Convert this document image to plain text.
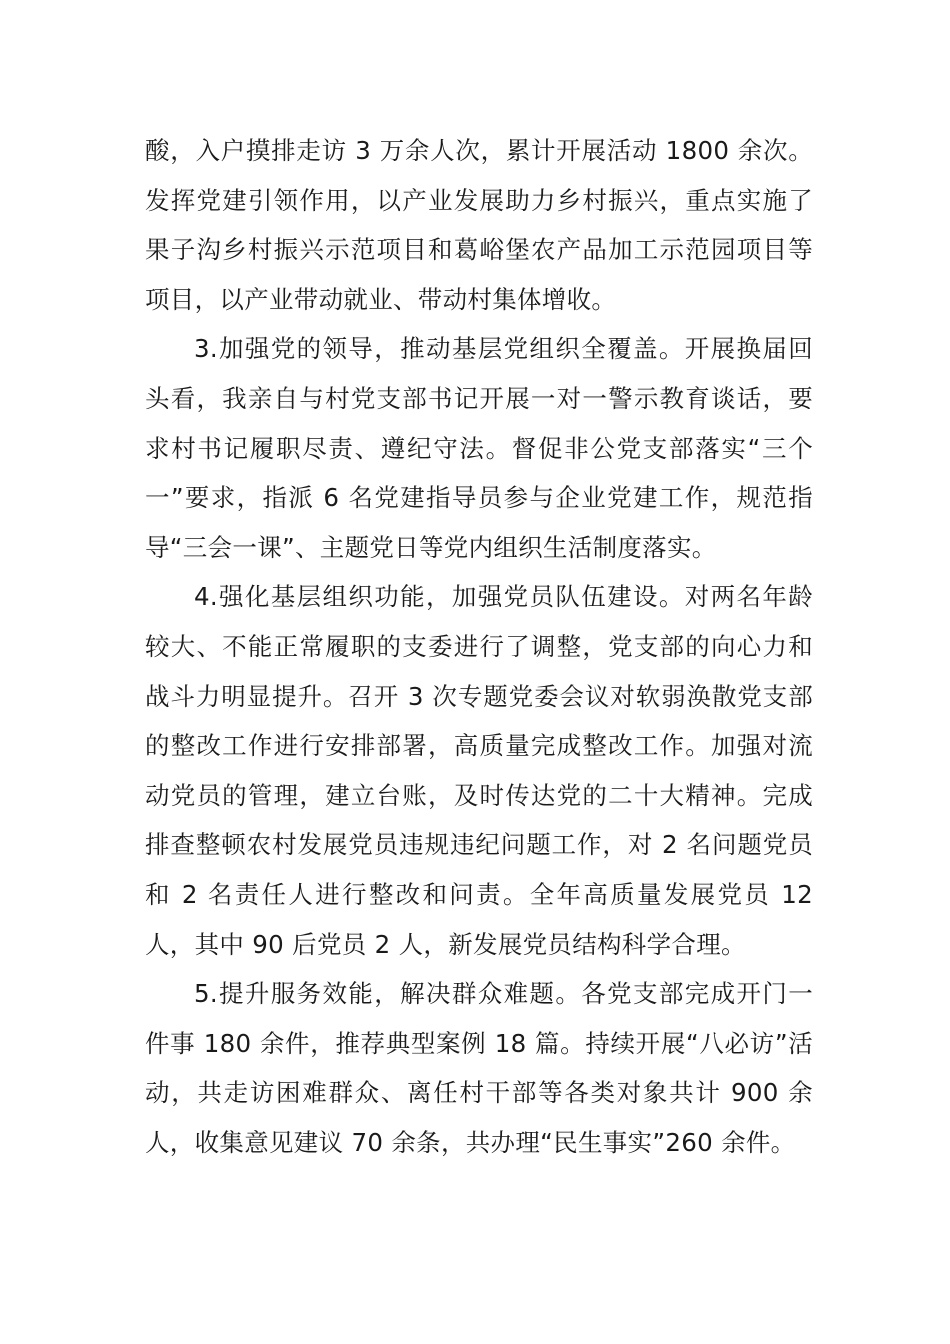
酸，入户摸排走访 3 万余人次，累计开展活动 1800 余次。发挥党建引领作用，以产业发展助力乡村振兴，重点实施了果子沟乡村振兴示范项目和葛峪堡农产品加工示范园项目等项目，以产业带动就业、带动村集体增收。

3.加强党的领导，推动基层党组织全覆盖。开展换届回头看，我亲自与村党支部书记开展一对一警示教育谈话，要求村书记履职尽责、遵纪守法。督促非公党支部落实“三个一”要求，指派 6 名党建指导员参与企业党建工作，规范指导“三会一课”、主题党日等党内组织生活制度落实。

4.强化基层组织功能，加强党员队伍建设。对两名年龄较大、不能正常履职的支委进行了调整，党支部的向心力和战斗力明显提升。召开 3 次专题党委会议对软弱涣散党支部的整改工作进行安排部署，高质量完成整改工作。加强对流动党员的管理，建立台账，及时传达党的二十大精神。完成排查整顿农村发展党员违规违纪问题工作，对 2 名问题党员和 2 名责任人进行整改和问责。全年高质量发展党员 12 人，其中 90 后党员 2 人，新发展党员结构科学合理。

5.提升服务效能，解决群众难题。各党支部完成开门一件事 180 余件，推荐典型案例 18 篇。持续开展“八必访”活动，共走访困难群众、离任村干部等各类对象共计 900 余人，收集意见建议 70 余条，共办理“民生事实”260 余件。
